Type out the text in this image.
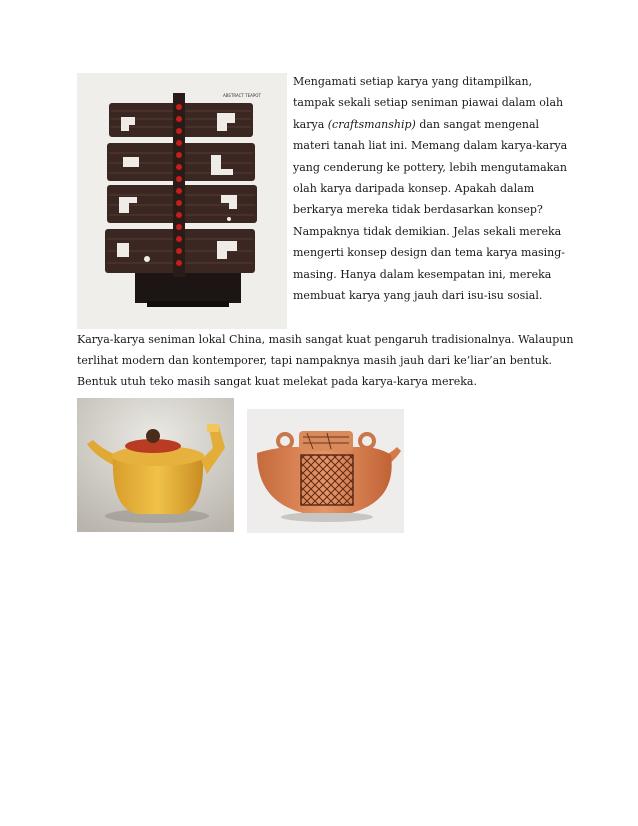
ABSTRACT TEAPOT
Mengamati setiap karya yang ditampilkan,
tampak sekali setiap seniman piawai dalam olah
karya (craftsmanship) dan sangat mengenal
materi tanah liat ini. Memang dalam karya-karya
yang cenderung ke pottery, lebih mengutamakan
olah karya daripada konsep. Apakah dalam
berkarya mereka tidak berdasarkan konsep?
Nampaknya tidak demikian. Jelas sekali mereka
mengerti konsep design dan tema karya masing-
masing. Hanya dalam kesempatan ini, mereka
membuat karya yang jauh dari isu-isu sosial.
Karya-karya seniman lokal China, masih sangat kuat pengaruh tradisionalnya. Walaupun
terlihat modern dan kontemporer, tapi nampaknya masih jauh dari ke’liar’an bentuk.
Bentuk utuh teko masih sangat kuat melekat pada karya-karya mereka.
